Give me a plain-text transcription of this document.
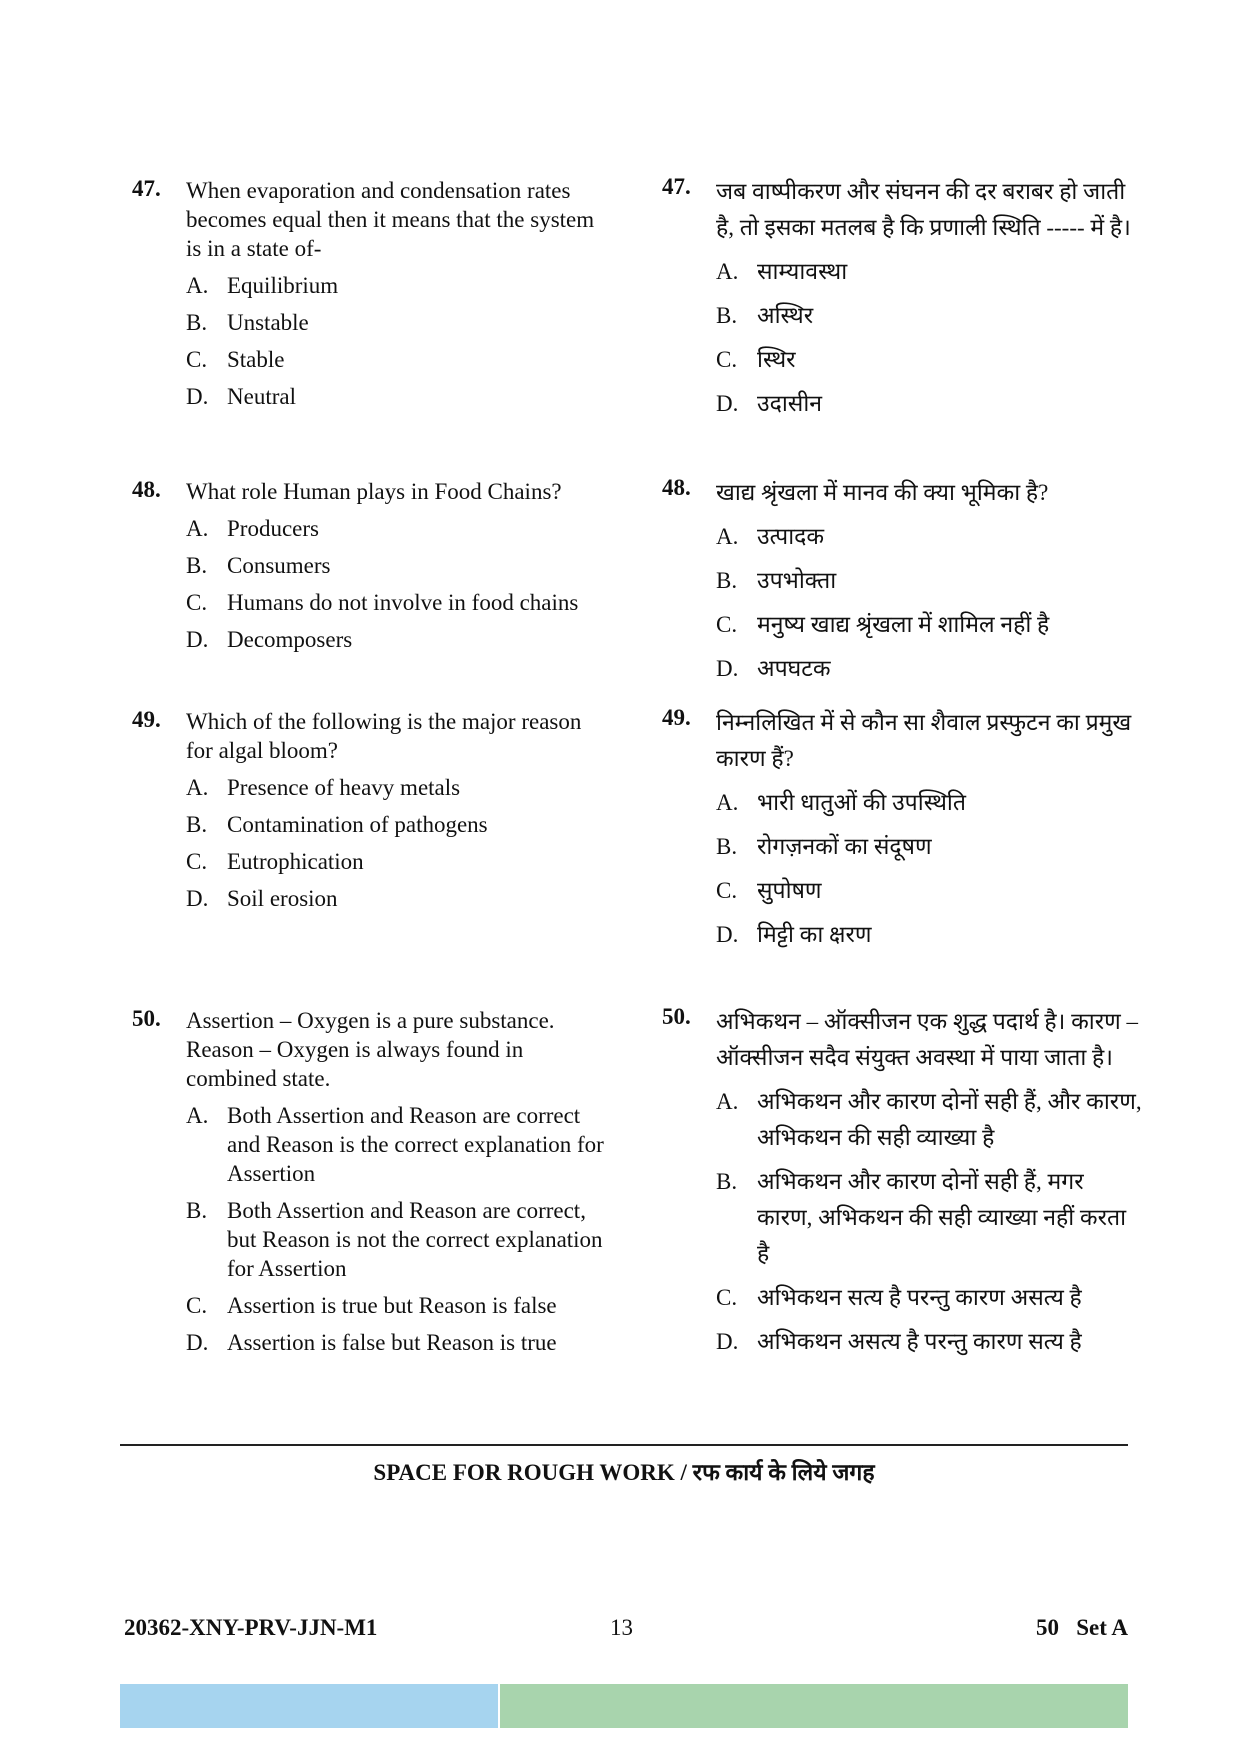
47. When evaporation and condensation rates becomes equal then it means that the system is in a state of-
A. Equilibrium
B. Unstable
C. Stable
D. Neutral
47. जब वाष्पीकरण और संघनन की दर बराबर हो जाती है, तो इसका मतलब है कि प्रणाली स्थिति ----- में है।
A. साम्यावस्था
B. अस्थिर
C. स्थिर
D. उदासीन
48. What role Human plays in Food Chains?
A. Producers
B. Consumers
C. Humans do not involve in food chains
D. Decomposers
48. खाद्य श्रृंखला में मानव की क्या भूमिका है?
A. उत्पादक
B. उपभोक्ता
C. मनुष्य खाद्य श्रृंखला में शामिल नहीं है
D. अपघटक
49. Which of the following is the major reason for algal bloom?
A. Presence of heavy metals
B. Contamination of pathogens
C. Eutrophication
D. Soil erosion
49. निम्नलिखित में से कौन सा शैवाल प्रस्फुटन का प्रमुख कारण हैं?
A. भारी धातुओं की उपस्थिति
B. रोगज़नकों का संदूषण
C. सुपोषण
D. मिट्टी का क्षरण
50. Assertion – Oxygen is a pure substance. Reason – Oxygen is always found in combined state.
A. Both Assertion and Reason are correct and Reason is the correct explanation for Assertion
B. Both Assertion and Reason are correct, but Reason is not the correct explanation for Assertion
C. Assertion is true but Reason is false
D. Assertion is false but Reason is true
50. अभिकथन – ऑक्सीजन एक शुद्ध पदार्थ है। कारण – ऑक्सीजन सदैव संयुक्त अवस्था में पाया जाता है।
A. अभिकथन और कारण दोनों सही हैं, और कारण, अभिकथन की सही व्याख्या है
B. अभिकथन और कारण दोनों सही हैं, मगर कारण, अभिकथन की सही व्याख्या नहीं करता है
C. अभिकथन सत्य है परन्तु कारण असत्य है
D. अभिकथन असत्य है परन्तु कारण सत्य है
SPACE FOR ROUGH WORK / रफ कार्य के लिये जगह
20362-XNY-PRV-JJN-M1	13	50   Set A
